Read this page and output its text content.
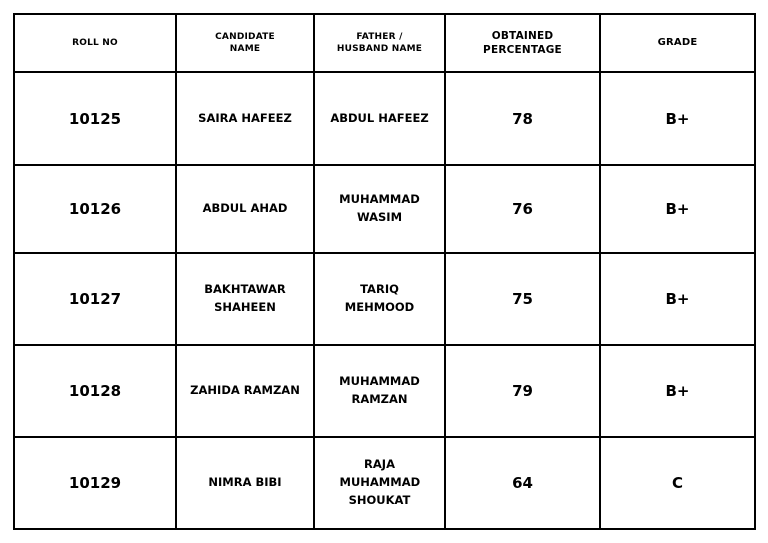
ROLL NO	CANDIDATE NAME	FATHER / HUSBAND NAME	OBTAINED PERCENTAGE	GRADE
10125	SAIRA HAFEEZ	ABDUL HAFEEZ	78	B+
10126	ABDUL AHAD	MUHAMMAD WASIM	76	B+
10127	BAKHTAWAR SHAHEEN	TARIQ MEHMOOD	75	B+
10128	ZAHIDA RAMZAN	MUHAMMAD RAMZAN	79	B+
10129	NIMRA BIBI	RAJA MUHAMMAD SHOUKAT	64	C
